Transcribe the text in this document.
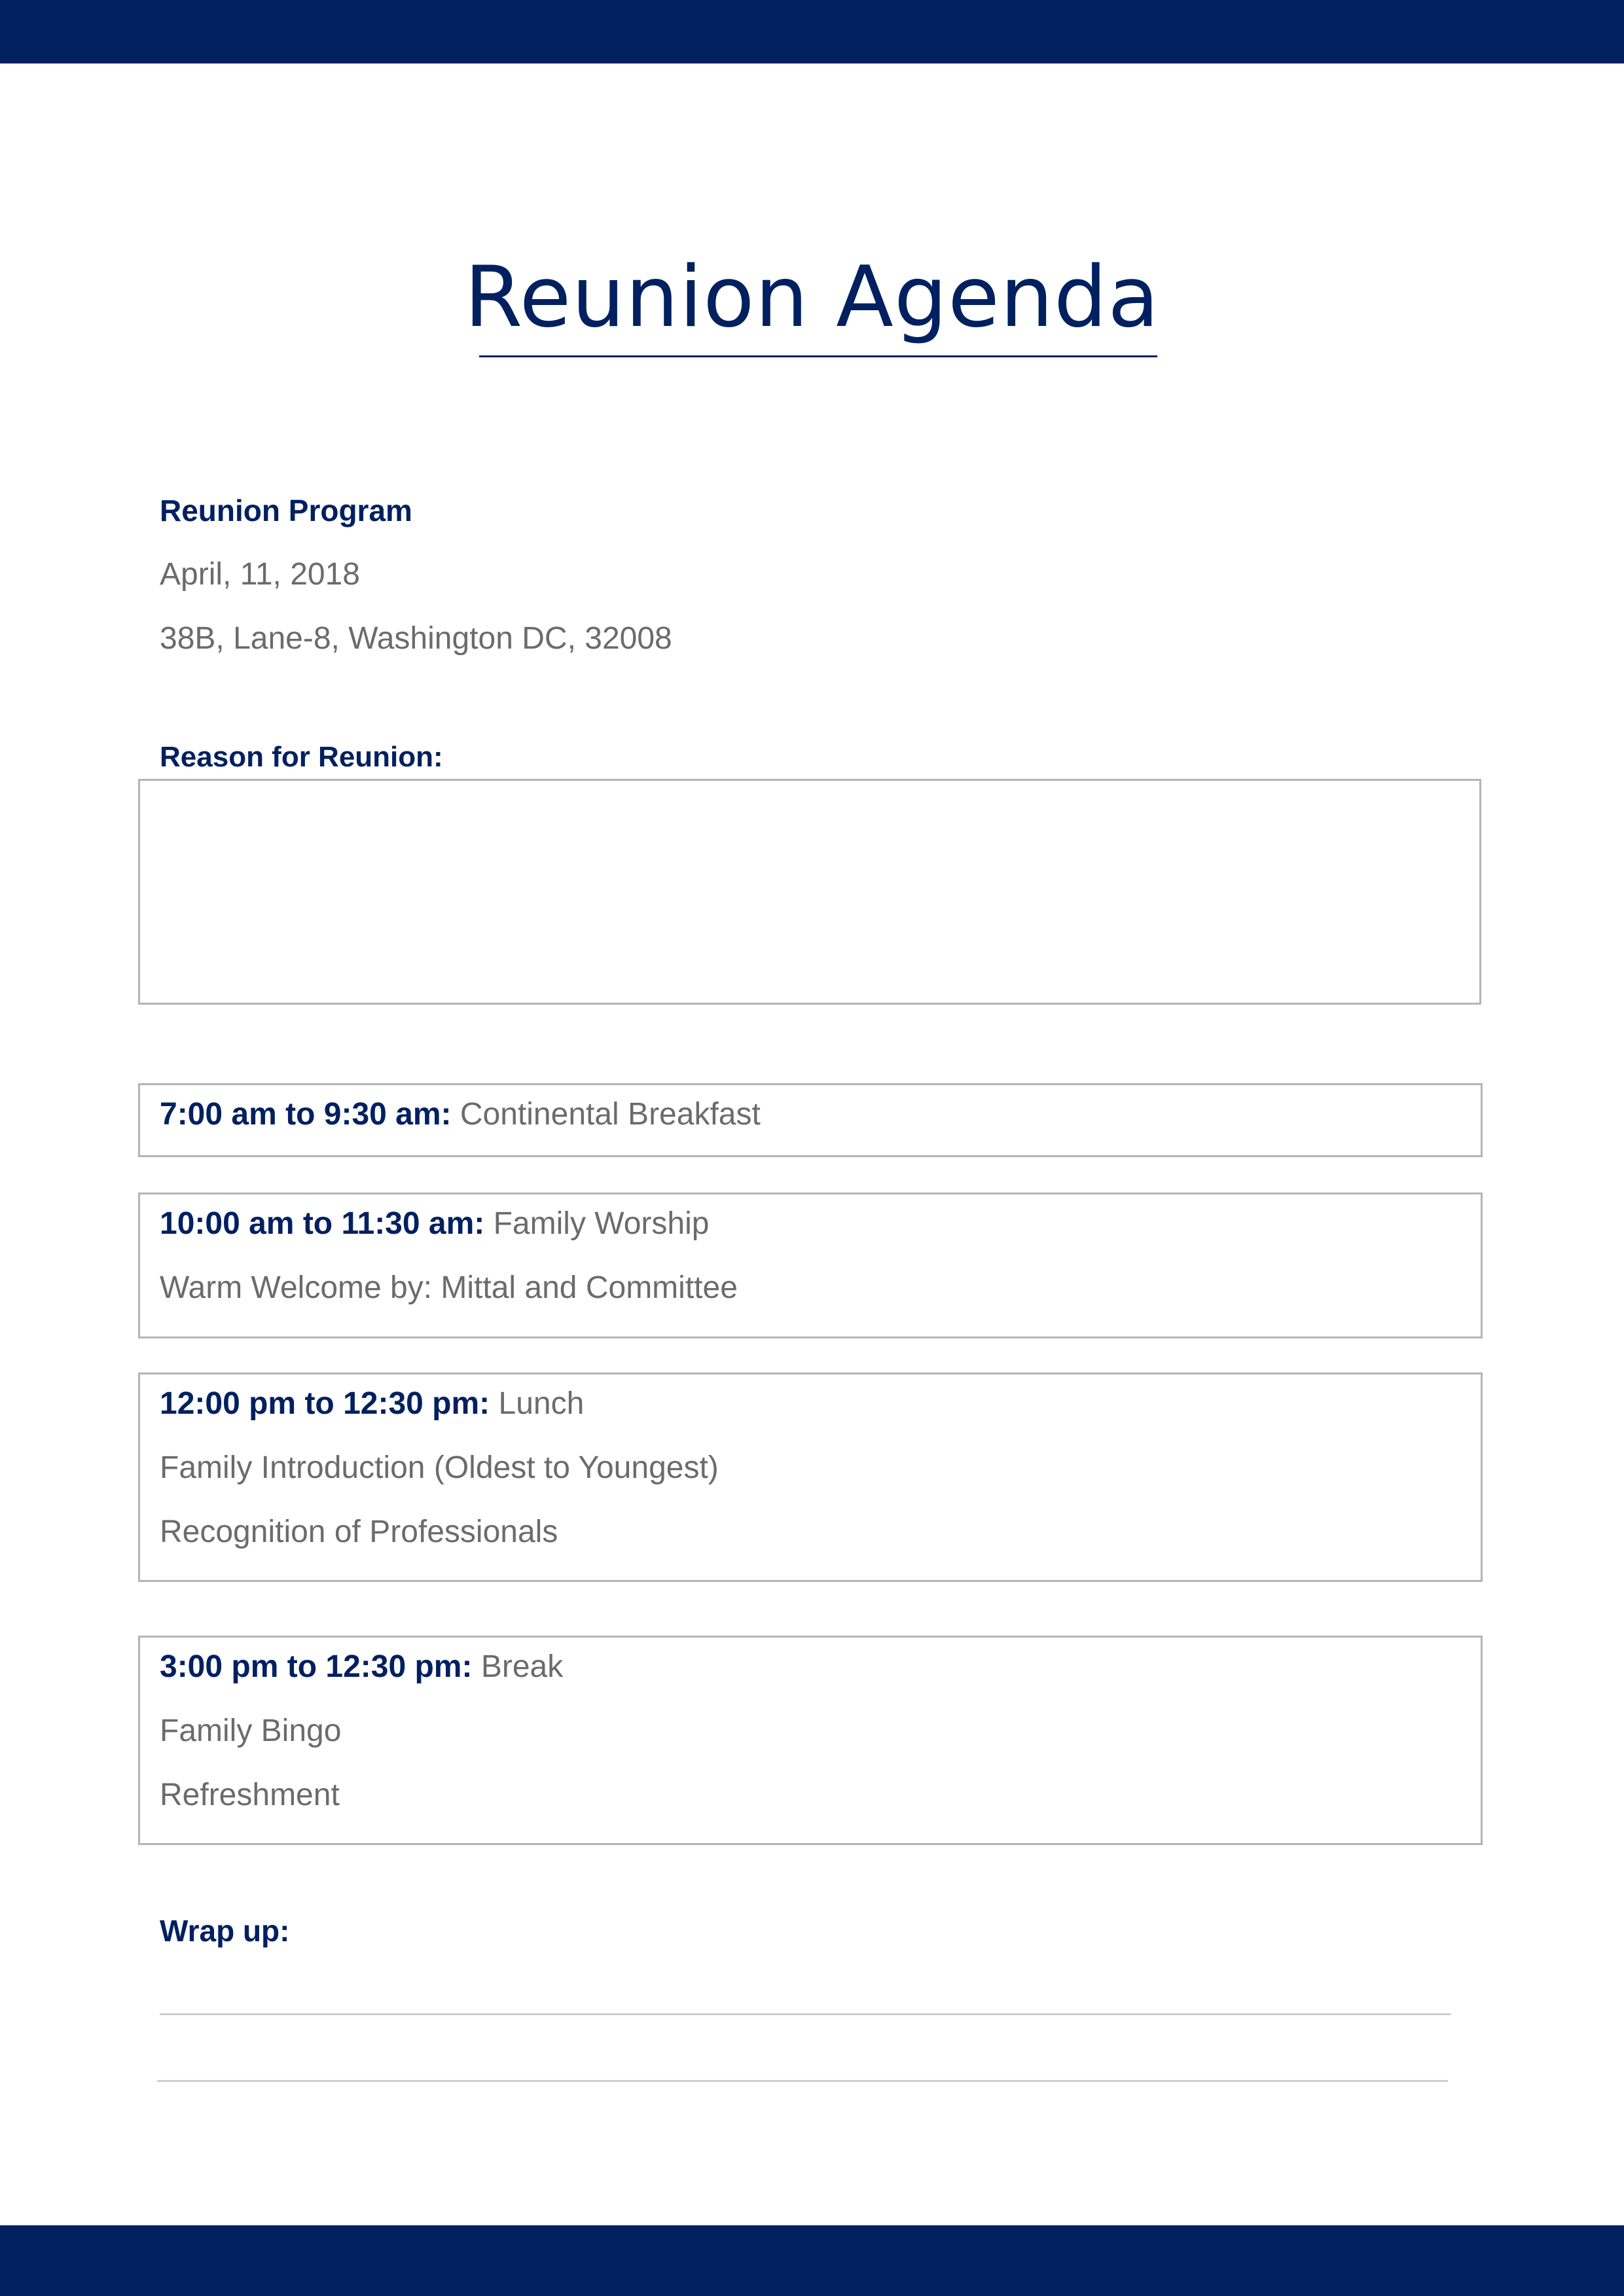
Reunion Agenda
Reunion Program
April, 11, 2018
38B, Lane-8, Washington DC, 32008
Reason for Reunion:
7:00 am to 9:30 am: Continental Breakfast
10:00 am to 11:30 am: Family Worship
Warm Welcome by: Mittal and Committee
12:00 pm to 12:30 pm: Lunch
Family Introduction (Oldest to Youngest)
Recognition of Professionals
3:00 pm to 12:30 pm: Break
Family Bingo
Refreshment
Wrap up:
